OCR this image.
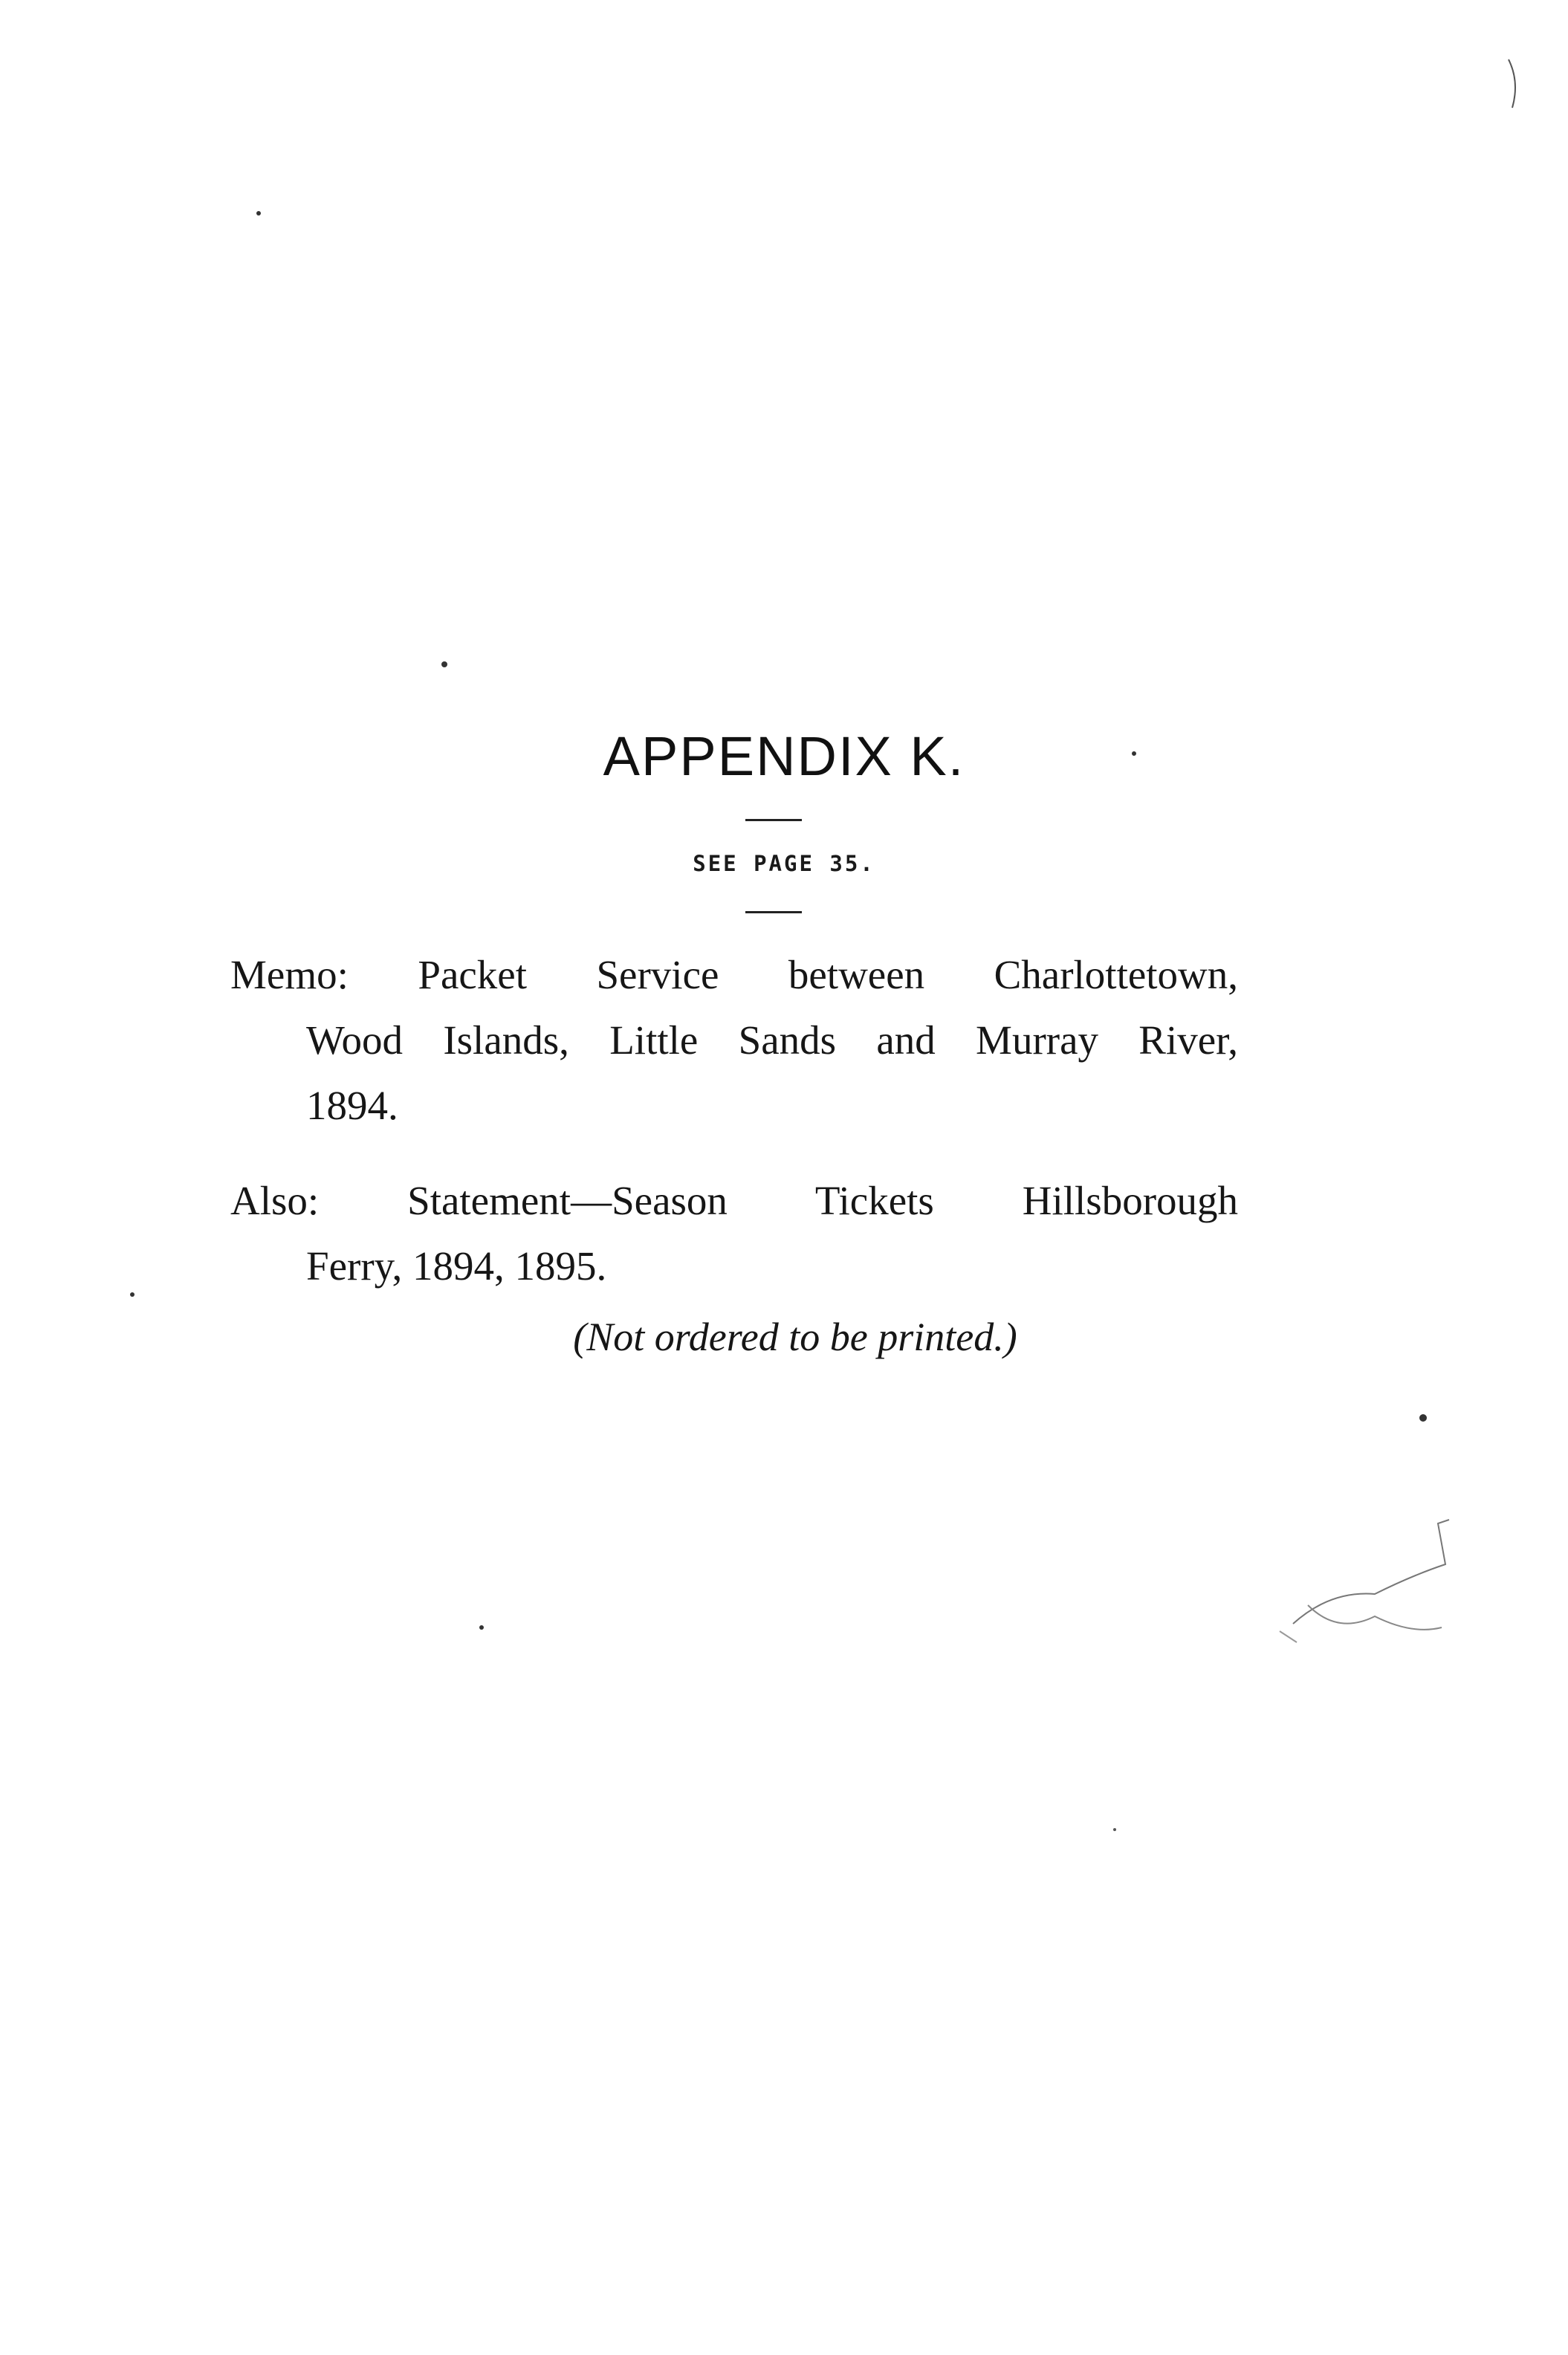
APPENDIX K.
SEE PAGE 35.
Memo: Packet Service between Charlottetown,
Wood Islands, Little Sands and Murray River,
1894.
Also: Statement—Season Tickets Hillsborough
Ferry, 1894, 1895.
(Not ordered to be printed.)
